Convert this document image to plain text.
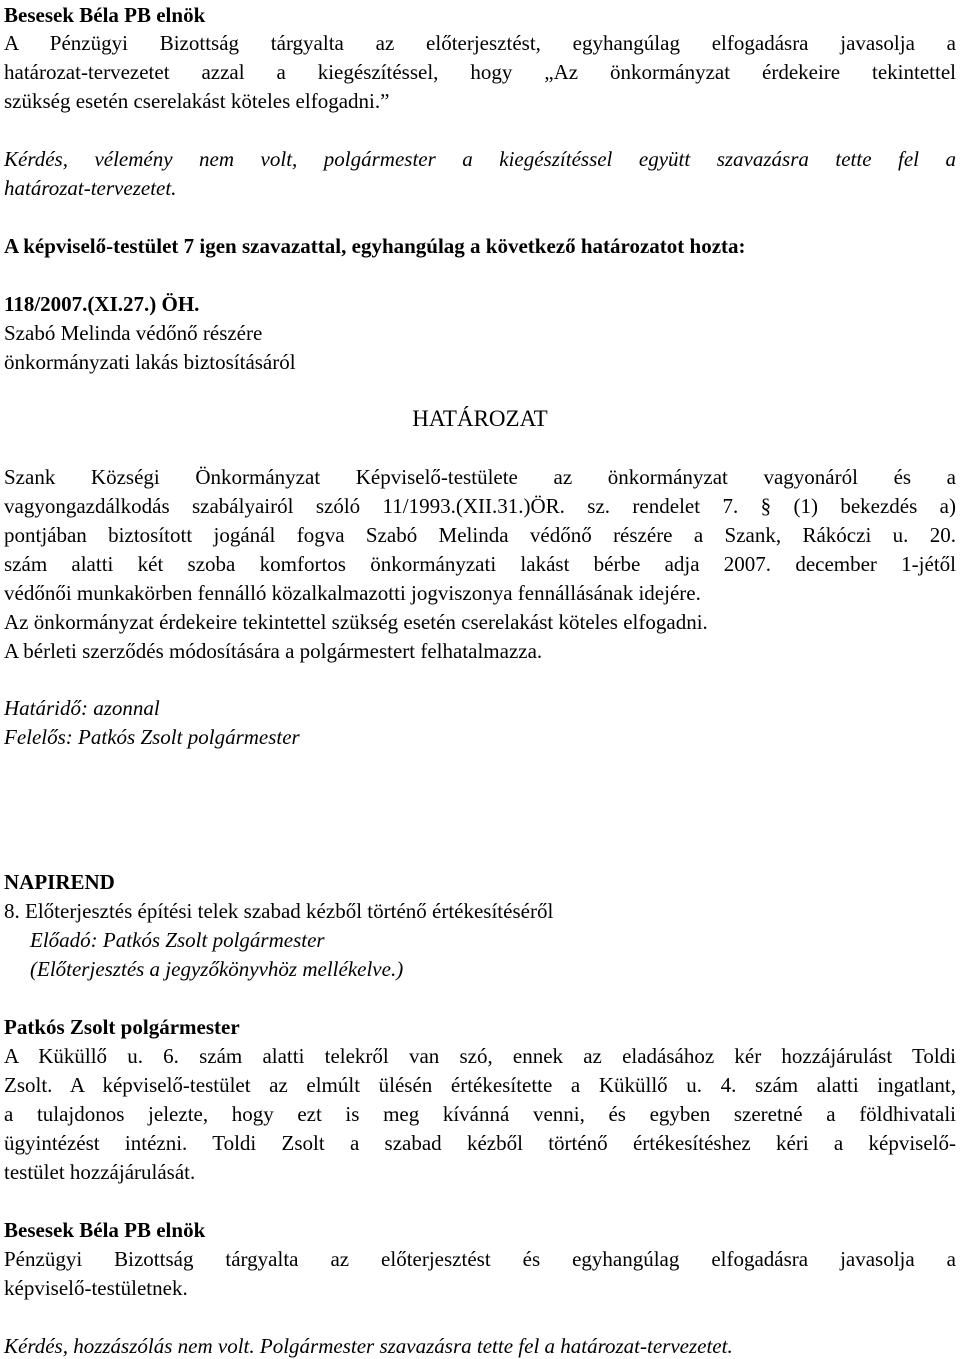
Besesek Béla PB elnök
A Pénzügyi Bizottság tárgyalta az előterjesztést, egyhangúlag elfogadásra javasolja a
határozat-tervezetet azzal a kiegészítéssel, hogy „Az önkormányzat érdekeire tekintettel
szükség esetén cserelakást köteles elfogadni.”
Kérdés, vélemény nem volt, polgármester a kiegészítéssel együtt szavazásra tette fel a
határozat-tervezetet.
A képviselő-testület 7 igen szavazattal, egyhangúlag a következő határozatot hozta:
118/2007.(XI.27.) ÖH.
Szabó Melinda védőnő részére
önkormányzati lakás biztosításáról
HATÁROZAT
Szank Községi Önkormányzat Képviselő-testülete az önkormányzat vagyonáról és a
vagyongazdálkodás szabályairól szóló 11/1993.(XII.31.)ÖR. sz. rendelet 7. § (1) bekezdés a)
pontjában biztosított jogánál fogva Szabó Melinda védőnő részére a Szank, Rákóczi u. 20.
szám alatti két szoba komfortos önkormányzati lakást bérbe adja 2007. december 1-jétől
védőnői munkakörben fennálló közalkalmazotti jogviszonya fennállásának idejére.
Az önkormányzat érdekeire tekintettel szükség esetén cserelakást köteles elfogadni.
A bérleti szerződés módosítására a polgármestert felhatalmazza.
Határidő: azonnal
Felelős: Patkós Zsolt polgármester
NAPIREND
8. Előterjesztés építési telek szabad kézből történő értékesítéséről
Előadó: Patkós Zsolt polgármester
(Előterjesztés a jegyzőkönyvhöz mellékelve.)
Patkós Zsolt polgármester
A Küküllő u. 6. szám alatti telekről van szó, ennek az eladásához kér hozzájárulást Toldi
Zsolt. A képviselő-testület az elmúlt ülésén értékesítette a Küküllő u. 4. szám alatti ingatlant,
a tulajdonos jelezte, hogy ezt is meg kívánná venni, és egyben szeretné a földhivatali
ügyintézést intézni. Toldi Zsolt a szabad kézből történő értékesítéshez kéri a képviselő-
testület hozzájárulását.
Besesek Béla PB elnök
Pénzügyi Bizottság tárgyalta az előterjesztést és egyhangúlag elfogadásra javasolja a
képviselő-testületnek.
Kérdés, hozzászólás nem volt. Polgármester szavazásra tette fel a határozat-tervezetet.
